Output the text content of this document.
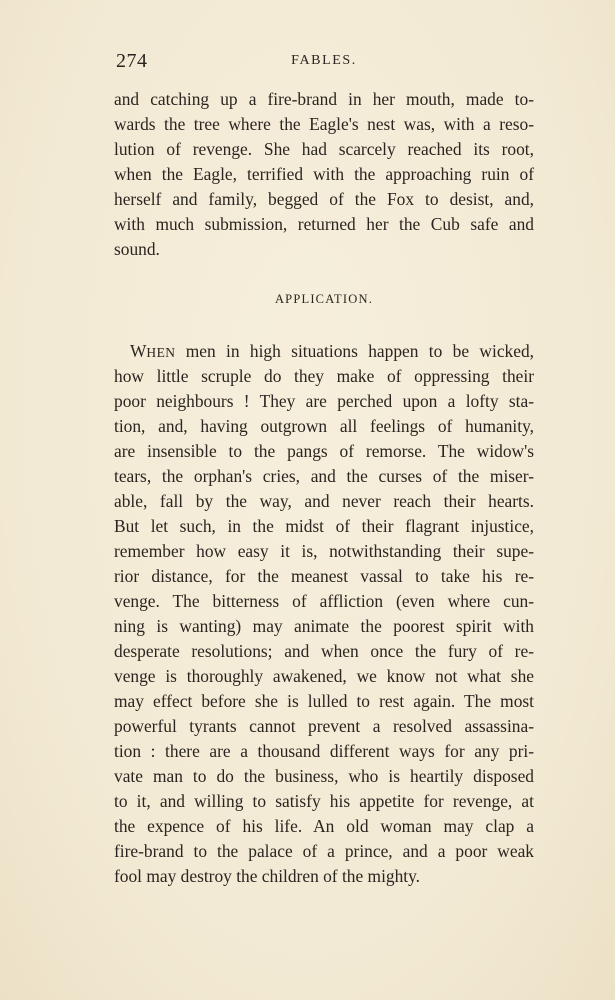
274	FABLES.
and catching up a fire-brand in her mouth, made to-
wards the tree where the Eagle's nest was, with a reso-
lution of revenge. She had scarcely reached its root,
when the Eagle, terrified with the approaching ruin of
herself and family, begged of the Fox to desist, and,
with much submission, returned her the Cub safe and
sound.
APPLICATION.
WHEN men in high situations happen to be wicked,
how little scruple do they make of oppressing their
poor neighbours ! They are perched upon a lofty sta-
tion, and, having outgrown all feelings of humanity,
are insensible to the pangs of remorse. The widow's
tears, the orphan's cries, and the curses of the miser-
able, fall by the way, and never reach their hearts.
But let such, in the midst of their flagrant injustice,
remember how easy it is, notwithstanding their supe-
rior distance, for the meanest vassal to take his re-
venge. The bitterness of affliction (even where cun-
ning is wanting) may animate the poorest spirit with
desperate resolutions; and when once the fury of re-
venge is thoroughly awakened, we know not what she
may effect before she is lulled to rest again. The most
powerful tyrants cannot prevent a resolved assassina-
tion : there are a thousand different ways for any pri-
vate man to do the business, who is heartily disposed
to it, and willing to satisfy his appetite for revenge, at
the expence of his life. An old woman may clap a
fire-brand to the palace of a prince, and a poor weak
fool may destroy the children of the mighty.
